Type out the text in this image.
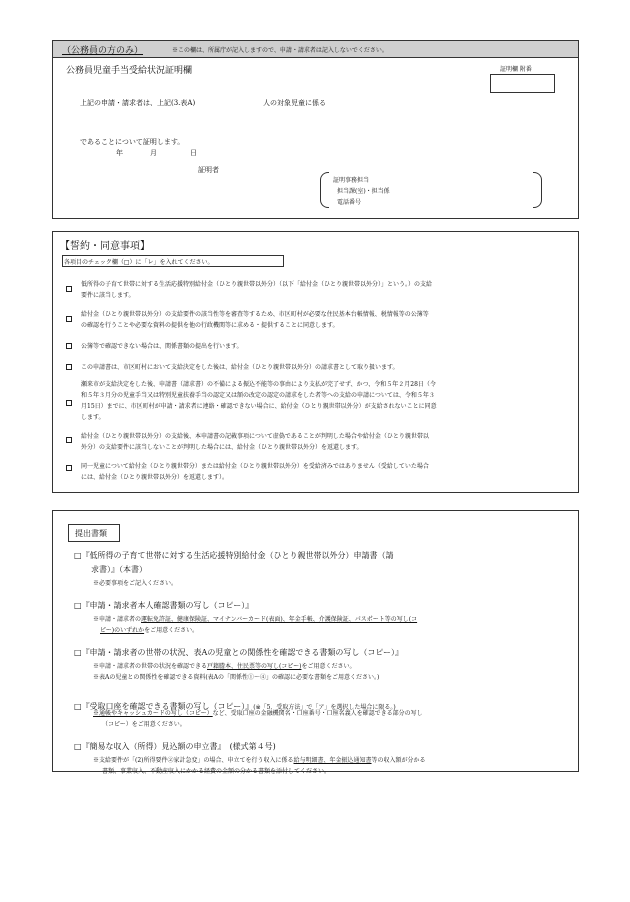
（公務員の方のみ）	※この欄は、所属庁が記入しますので、申請・請求者は記入しないでください。
公務員児童手当受給状況証明欄	証明欄 附番
上記の申請・請求者は、上記(3.表A)	人の対象児童に係る
であることについて証明します。
年	月	日
証明者
証明事務担当
担当課(室)・担当係
電話番号
【誓約・同意事項】
各項目のチェック欄（□）に「レ」を入れてください。
低所得の子育て世帯に対する生活応援特別給付金（ひとり親世帯以外分）（以下「給付金（ひとり親世帯以外分）」という。）の支給
要件に該当します。
給付金（ひとり親世帯以外分）の支給要件の該当性等を審査等するため、市区町村が必要な住民基本台帳情報、税情報等の公簿等
の確認を行うことや必要な資料の提供を他の行政機関等に求める・提供することに同意します。
公簿等で確認できない場合は、関係書類の提出を行います。
この申請書は、市区町村において支給決定をした後は、給付金（ひとり親世帯以外分）の請求書として取り扱います。
瀬来市が支給決定をした後、申請書（請求書）の不備による振込不能等の事由により支払が完了せず、かつ、令和５年２月28日（令
和５年３月分の児童手当又は特別児童扶養手当の認定又は額の改定の認定の請求をした者等への支給の申請については、令和５年３
月15日）までに、市区町村が申請・請求者に連絡・確認できない場合に、給付金（ひとり親世帯以外分）が支給されないことに同意
します。
給付金（ひとり親世帯以外分）の支給後、本申請書の記載事項について虚偽であることが判明した場合や給付金（ひとり親世帯以
外分）の支給要件に該当しないことが判明した場合には、給付金（ひとり親世帯以外分）を返還します。
同一児童について給付金（ひとり親世帯分）または給付金（ひとり親世帯以外分）を受給済みではありません（受給していた場合
には、給付金（ひとり親世帯以外分）を返還します）。
提出書類
□『低所得の子育て世帯に対する生活応援特別給付金（ひとり親世帯以外分）申請書（請
求書）』（本書）
※必要事項をご記入ください。
□『申請・請求者本人確認書類の写し（コピー）』
※申請・請求者の運転免許証、健康保険証、マイナンバーカード(表面)、年金手帳、介護保険証、パスポート等の写し(コ
ピー)のいずれかをご用意ください。
□『申請・請求者の世帯の状況、表Aの児童との関係性を確認できる書類の写し（コピー）』
※申請・請求者の世帯の状況を確認できる戸籍謄本、住民票等の写し(コピー)をご用意ください。
※表Aの児童との関係性を確認できる資料(表Aの「関係性①～④」の確認に必要な書類をご用意ください。)
□『受取口座を確認できる書類の写し（コピー）』(※「5．受取方法」で「ア」を選択した場合に限る。)
※通帳やキャッシュカードの写し（コピー）など、受取口座の金融機関名・口座番号・口座名義人を確認できる部分の写し
（コピー）をご用意ください。
□『簡易な収入（所得）見込額の申立書』 (様式第４号)
※支給要件が「(2)所得要件②家計急変」の場合、申立てを行う収入に係る給与明細書、年金振込通知書等の収入額が分かる
書類、事業収入、不動産収入にかかる経費の金額の分かる書類を添付してください。
